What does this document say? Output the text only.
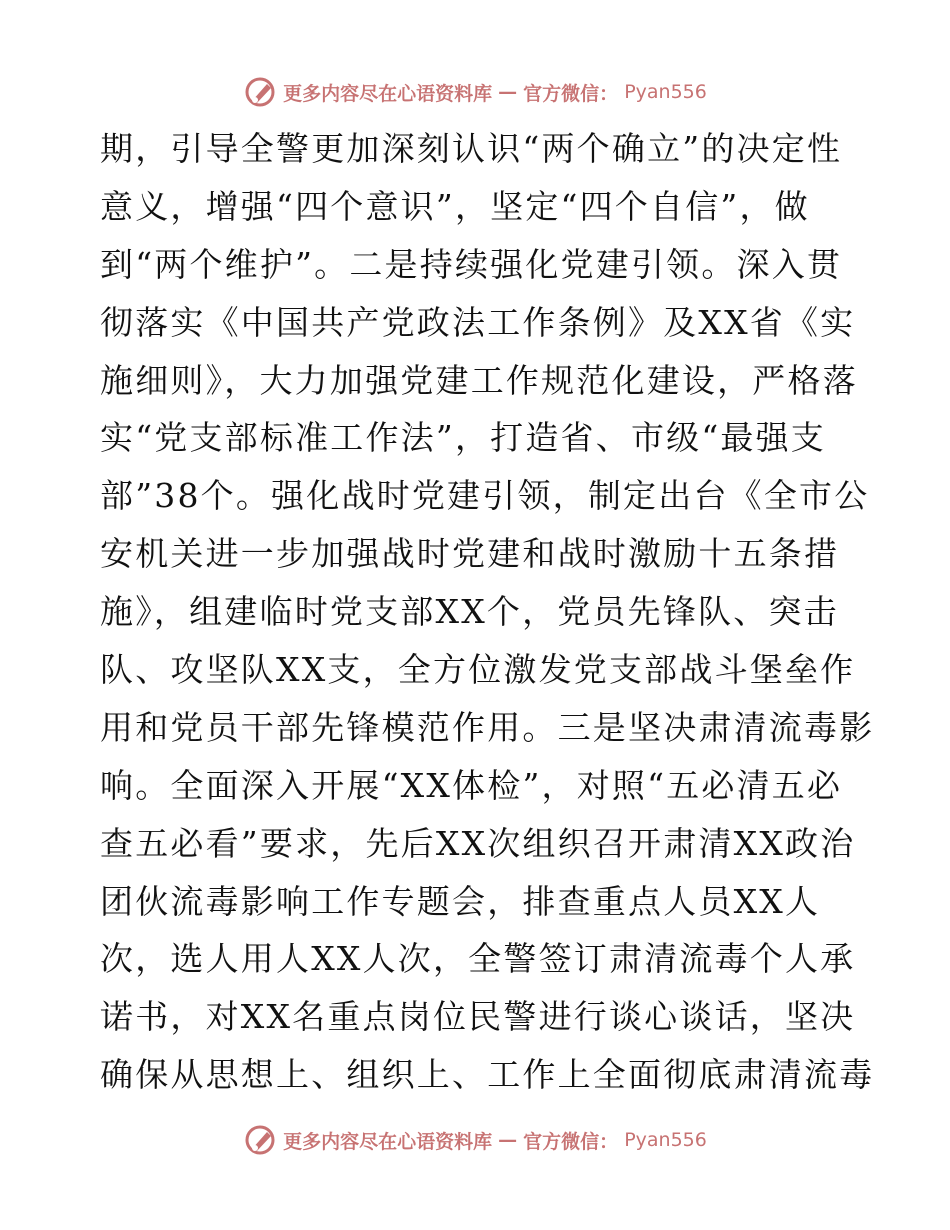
更多内容尽在心语资料库 — 官方微信： Pyan556
期，引导全警更加深刻认识“两个确立”的决定性
意义，增强“四个意识”，坚定“四个自信”，做
到“两个维护”。二是持续强化党建引领。深入贯
彻落实《中国共产党政法工作条例》及XX省《实
施细则》，大力加强党建工作规范化建设，严格落
实“党支部标准工作法”，打造省、市级“最强支
部”38个。强化战时党建引领，制定出台《全市公
安机关进一步加强战时党建和战时激励十五条措
施》，组建临时党支部XX个，党员先锋队、突击
队、攻坚队XX支，全方位激发党支部战斗堡垒作
用和党员干部先锋模范作用。三是坚决肃清流毒影
响。全面深入开展“XX体检”，对照“五必清五必
查五必看”要求，先后XX次组织召开肃清XX政治
团伙流毒影响工作专题会，排查重点人员XX人
次，选人用人XX人次，全警签订肃清流毒个人承
诺书，对XX名重点岗位民警进行谈心谈话，坚决
确保从思想上、组织上、工作上全面彻底肃清流毒
更多内容尽在心语资料库 — 官方微信： Pyan556
